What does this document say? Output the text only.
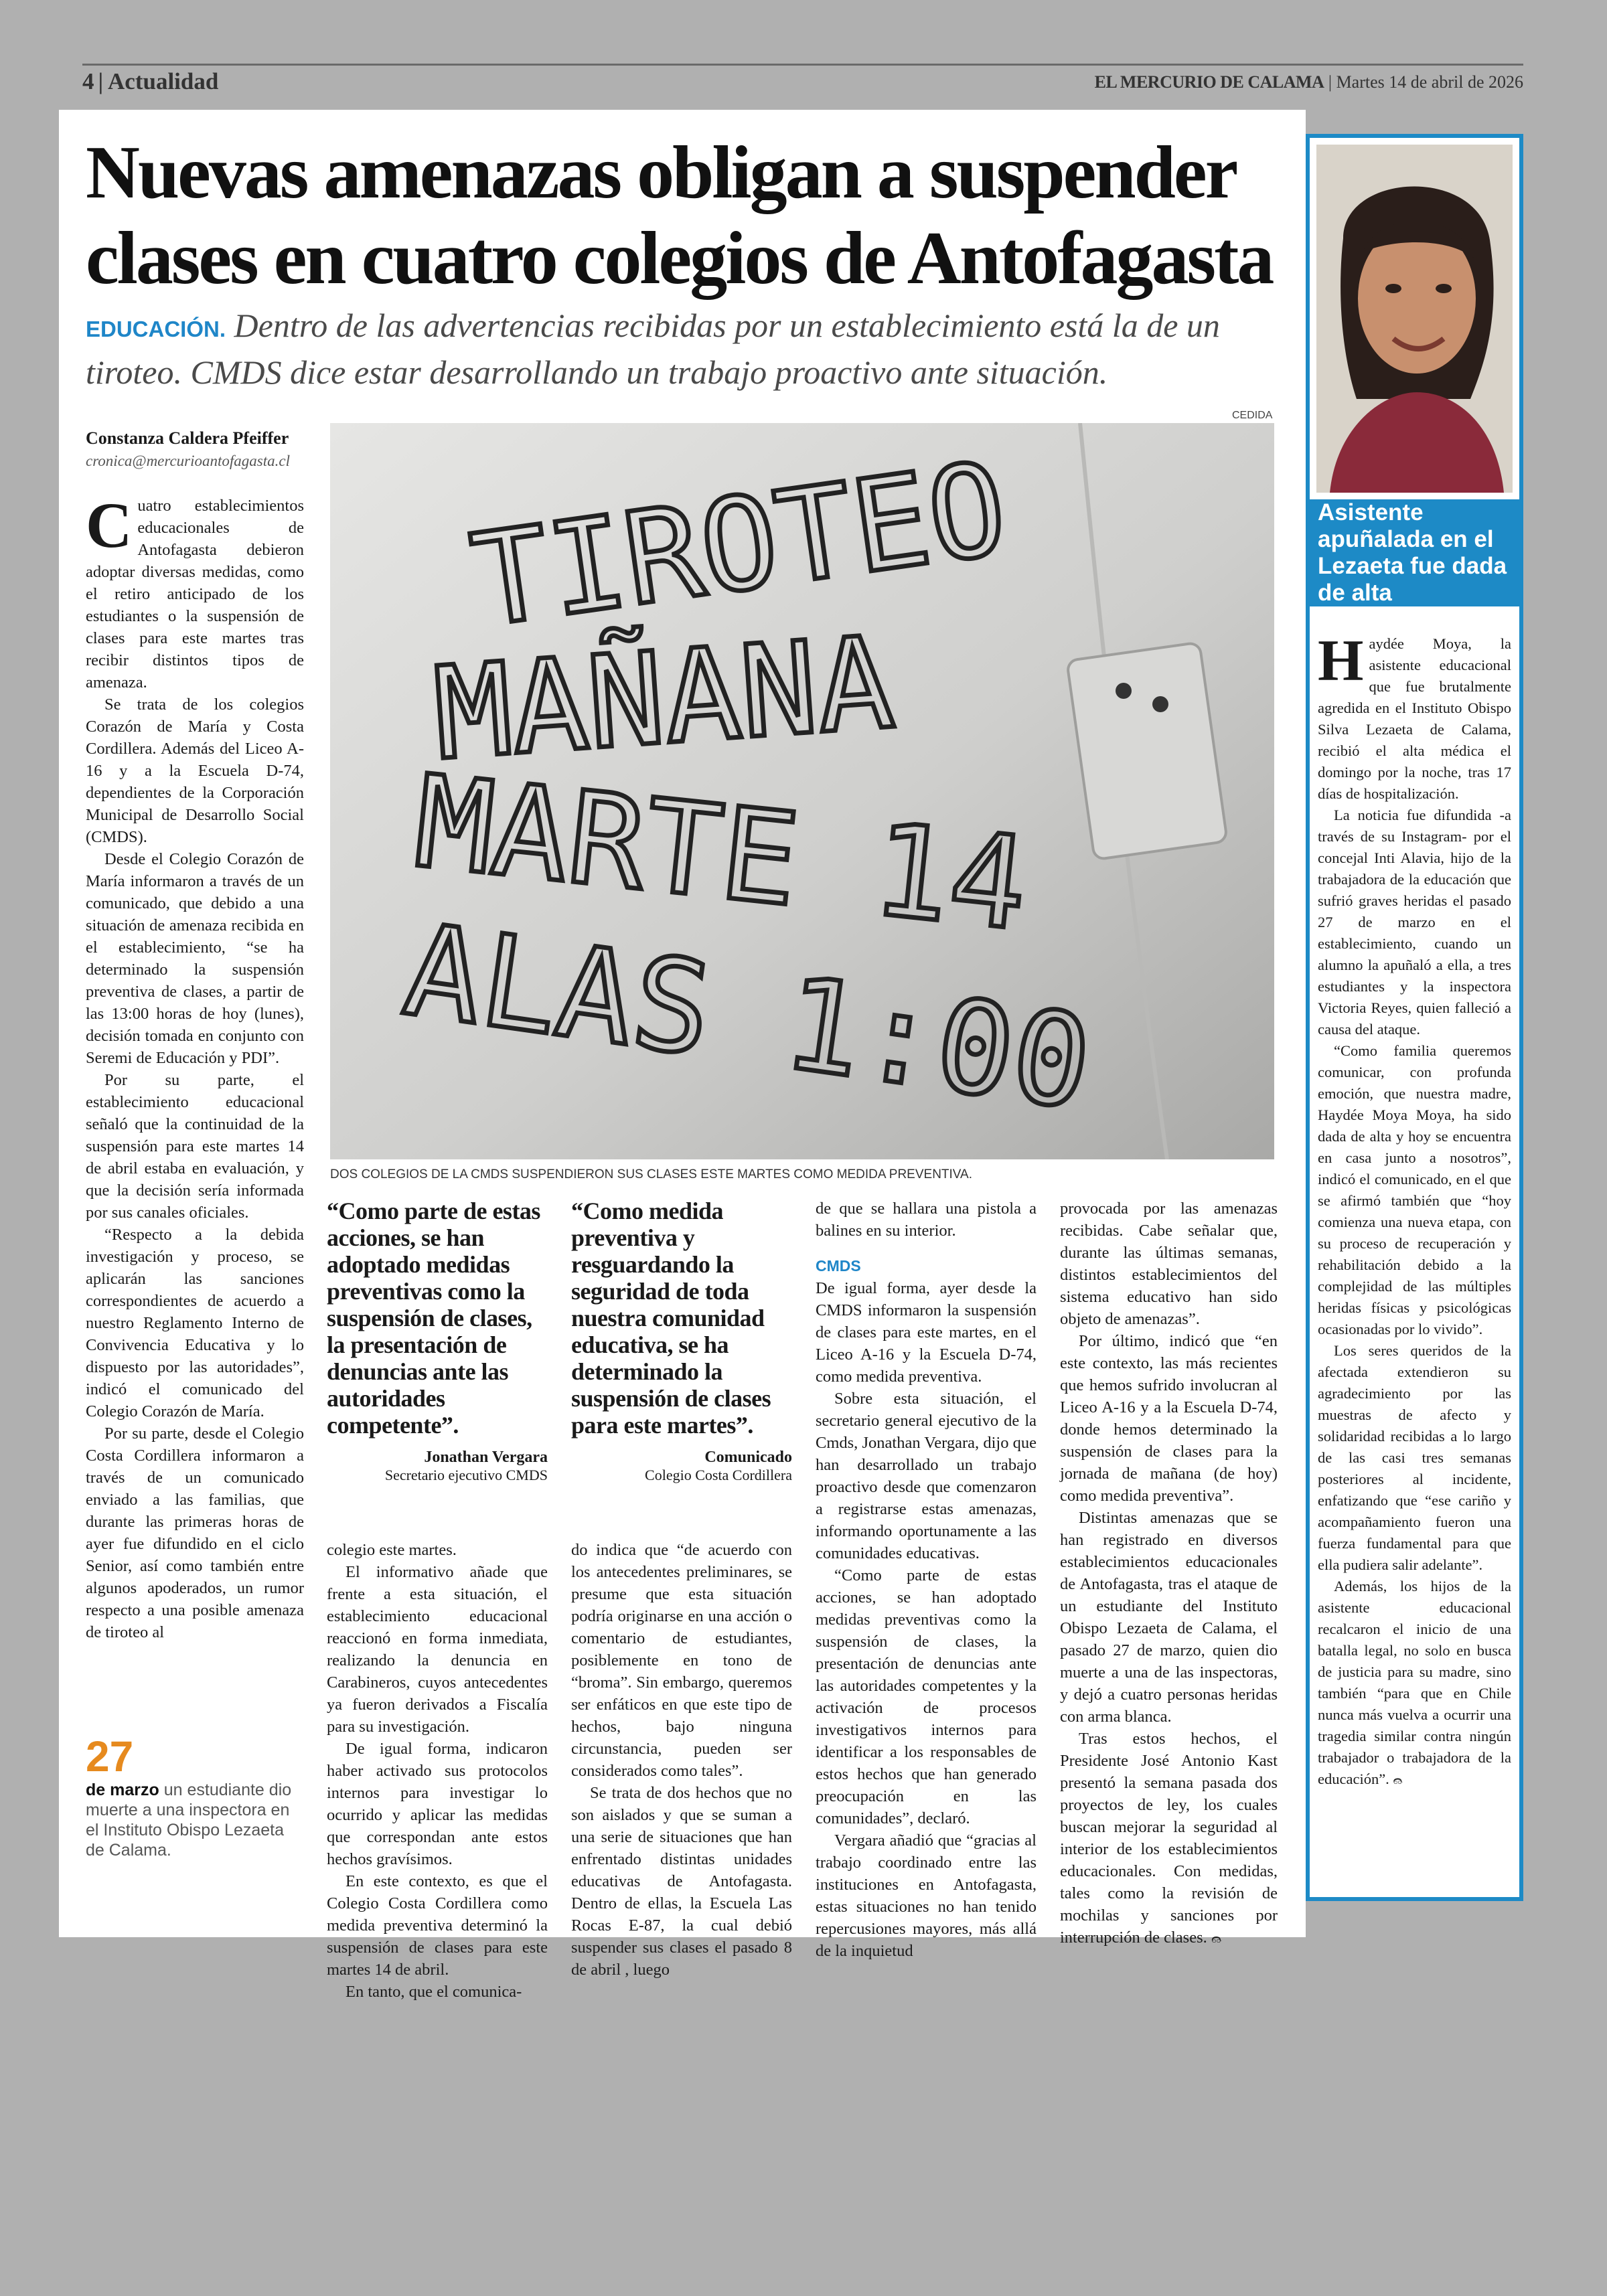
4 | Actualidad	EL MERCURIO DE CALAMA | Martes 14 de abril de 2026
Nuevas amenazas obligan a suspender clases en cuatro colegios de Antofagasta
EDUCACIÓN. Dentro de las advertencias recibidas por un establecimiento está la de un tiroteo. CMDS dice estar desarrollando un trabajo proactivo ante situación.
Constanza Caldera Pfeiffer
cronica@mercurioantofagasta.cl
CEDIDA
TIROTEO
MAÑANA
MARTE 14
ALAS 1:00
DOS COLEGIOS DE LA CMDS SUSPENDIERON SUS CLASES ESTE MARTES COMO MEDIDA PREVENTIVA.

Cuatro establecimientos educacionales de Antofagasta debieron adoptar diversas medidas, como el retiro anticipado de los estudiantes o la suspensión de clases para este martes tras recibir distintos tipos de amenaza.

Se trata de los colegios Corazón de María y Costa Cordillera. Además del Liceo A-16 y a la Escuela D-74, dependientes de la Corporación Municipal de Desarrollo Social (CMDS).

Desde el Colegio Corazón de María informaron a través de un comunicado, que debido a una situación de amenaza recibida en el establecimiento, “se ha determinado la suspensión preventiva de clases, a partir de las 13:00 horas de hoy (lunes), decisión tomada en conjunto con Seremi de Educación y PDI”.

Por su parte, el establecimiento educacional señaló que la continuidad de la suspensión para este martes 14 de abril estaba en evaluación, y que la decisión sería informada por sus canales oficiales.

“Respecto a la debida investigación y proceso, se aplicarán las sanciones correspondientes de acuerdo a nuestro Reglamento Interno de Convivencia Educativa y lo dispuesto por las autoridades”, indicó el comunicado del Colegio Corazón de María.

Por su parte, desde el Colegio Costa Cordillera informaron a través de un comunicado enviado a las familias, que durante las primeras horas de ayer fue difundido en el ciclo Senior, así como también entre algunos apoderados, un rumor respecto a una posible amenaza de tiroteo al

“Como parte de estas acciones, se han adoptado medidas preventivas como la suspensión de clases, la presentación de denuncias ante las autoridades competente”.
Jonathan Vergara
Secretario ejecutivo CMDS
“Como medida preventiva y resguardando la seguridad de toda nuestra comunidad educativa, se ha determinado la suspensión de clases para este martes”.
Comunicado
Colegio Costa Cordillera

colegio este martes.

El informativo añade que frente a esta situación, el establecimiento educacional reaccionó en forma inmediata, realizando la denuncia en Carabineros, cuyos antecedentes ya fueron derivados a Fiscalía para su investigación.

De igual forma, indicaron haber activado sus protocolos internos para investigar lo ocurrido y aplicar las medidas que correspondan ante estos hechos gravísimos.

En este contexto, es que el Colegio Costa Cordillera como medida preventiva determinó la suspensión de clases para este martes 14 de abril.

En tanto, que el comunica-

do indica que “de acuerdo con los antecedentes preliminares, se presume que esta situación podría originarse en una acción o comentario de estudiantes, posiblemente en tono de “broma”. Sin embargo, queremos ser enfáticos en que este tipo de hechos, bajo ninguna circunstancia, pueden ser considerados como tales”.

Se trata de dos hechos que no son aislados y que se suman a una serie de situaciones que han enfrentado distintas unidades educativas de Antofagasta. Dentro de ellas, la Escuela Las Rocas E-87, la cual debió suspender sus clases el pasado 8 de abril , luego

de que se hallara una pistola a balines en su interior.

CMDS

De igual forma, ayer desde la CMDS informaron la suspensión de clases para este martes, en el Liceo A-16 y la Escuela D-74, como medida preventiva.

Sobre esta situación, el secretario general ejecutivo de la Cmds, Jonathan Vergara, dijo que han desarrollado un trabajo proactivo desde que comenzaron a registrarse estas amenazas, informando oportunamente a las comunidades educativas.

“Como parte de estas acciones, se han adoptado medidas preventivas como la suspensión de clases, la presentación de denuncias ante las autoridades competentes y la activación de procesos investigativos internos para identificar a los responsables de estos hechos que han generado preocupación en las comunidades”, declaró.

Vergara añadió que “gracias al trabajo coordinado entre las instituciones en Antofagasta, estas situaciones no han tenido repercusiones mayores, más allá de la inquietud

provocada por las amenazas recibidas. Cabe señalar que, durante las últimas semanas, distintos establecimientos del sistema educativo han sido objeto de amenazas”.

Por último, indicó que “en este contexto, las más recientes que hemos sufrido involucran al Liceo A-16 y a la Escuela D-74, donde hemos determinado la suspensión de clases para la jornada de mañana (de hoy) como medida preventiva”.

Distintas amenazas que se han registrado en diversos establecimientos educacionales de Antofagasta, tras el ataque de un estudiante del Instituto Obispo Lezaeta de Calama, el pasado 27 de marzo, quien dio muerte a una de las inspectoras, y dejó a cuatro personas heridas con arma blanca.

Tras estos hechos, el Presidente José Antonio Kast presentó la semana pasada dos proyectos de ley, los cuales buscan mejorar la seguridad al interior de los establecimientos educacionales. Con medidas, tales como la revisión de mochilas y sanciones por interrupción de clases. ෬

27
de marzo un estudiante dio muerte a una inspectora en el Instituto Obispo Lezaeta de Calama.
Asistente apuñalada en el Lezaeta fue dada de alta

Haydée Moya, la asistente educacional que fue brutalmente agredida en el Instituto Obispo Silva Lezaeta de Calama, recibió el alta médica el domingo por la noche, tras 17 días de hospitalización.

La noticia fue difundida -a través de su Instagram- por el concejal Inti Alavia, hijo de la trabajadora de la educación que sufrió graves heridas el pasado 27 de marzo en el establecimiento, cuando un alumno la apuñaló a ella, a tres estudiantes y la inspectora Victoria Reyes, quien falleció a causa del ataque.

“Como familia queremos comunicar, con profunda emoción, que nuestra madre, Haydée Moya Moya, ha sido dada de alta y hoy se encuentra en casa junto a nosotros”, indicó el comunicado, en el que se afirmó también que “hoy comienza una nueva etapa, con su proceso de recuperación y rehabilitación debido a la complejidad de las múltiples heridas físicas y psicológicas ocasionadas por lo vivido”.

Los seres queridos de la afectada extendieron su agradecimiento por las muestras de afecto y solidaridad recibidas a lo largo de las casi tres semanas posteriores al incidente, enfatizando que “ese cariño y acompañamiento fueron una fuerza fundamental para que ella pudiera salir adelante”.

Además, los hijos de la asistente educacional recalcaron el inicio de una batalla legal, no solo en busca de justicia para su madre, sino también “para que en Chile nunca más vuelva a ocurrir una tragedia similar contra ningún trabajador o trabajadora de la educación”. ෬
